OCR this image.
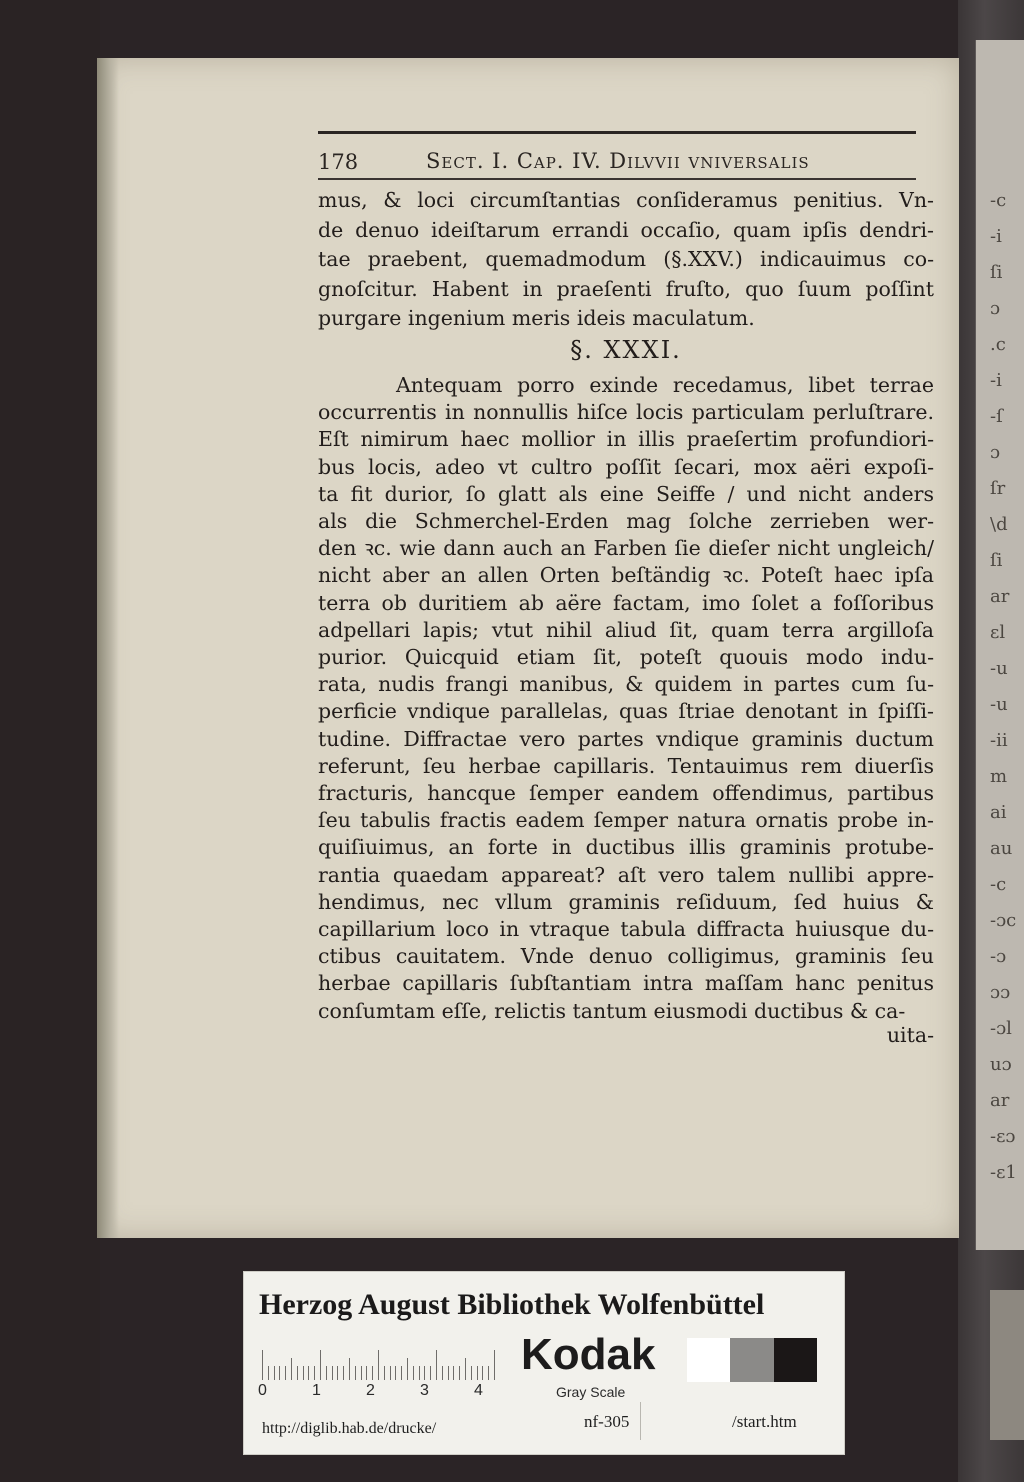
-c
-i
ſi
ɔ
.c
-i
-ſ
ɔ
ſr
\d
ſi
ar
ɛl
-u
-u
-ii
m
ai
au
-c
-ɔc
-ɔ
ɔɔ
-ɔl
uɔ
ar
-ɛɔ
-ɛ1
178	Sect. I. Cap. IV. Dilvvii vniversalis
mus, & loci circumſtantias conſideramus penitius. Vn-
de denuo ideiſtarum errandi occaſio, quam ipſis dendri-
tae praebent, quemadmodum (§.XXV.) indicauimus co-
gnoſcitur. Habent in praeſenti fruſto, quo ſuum poſſint
purgare ingenium meris ideis maculatum.
§. XXXI.
Antequam porro exinde recedamus, libet terrae
occurrentis in nonnullis hiſce locis particulam perluſtrare.
Eſt nimirum haec mollior in illis praeſertim profundiori-
bus locis, adeo vt cultro poſſit ſecari, mox aëri expoſi-
ta fit durior, ſo glatt als eine Seiffe / und nicht anders
als die Schmerchel-Erden mag ſolche zerrieben wer-
den ꝛc. wie dann auch an Farben ſie dieſer nicht ungleich/
nicht aber an allen Orten beſtändig ꝛc. Poteſt haec ipſa
terra ob duritiem ab aëre factam, imo ſolet a foſſoribus
adpellari lapis; vtut nihil aliud ſit, quam terra argilloſa
purior. Quicquid etiam ſit, poteſt quouis modo indu-
rata, nudis frangi manibus, & quidem in partes cum ſu-
perficie vndique parallelas, quas ſtriae denotant in ſpiſſi-
tudine. Diffractae vero partes vndique graminis ductum
referunt, ſeu herbae capillaris. Tentauimus rem diuerſis
fracturis, hancque ſemper eandem offendimus, partibus
ſeu tabulis fractis eadem ſemper natura ornatis probe in-
quiſiuimus, an forte in ductibus illis graminis protube-
rantia quaedam appareat? aſt vero talem nullibi appre-
hendimus, nec vllum graminis reſiduum, ſed huius &
capillarium loco in vtraque tabula diffracta huiusque du-
ctibus cauitatem. Vnde denuo colligimus, graminis ſeu
herbae capillaris ſubſtantiam intra maſſam hanc penitus
conſumtam eſſe, relictis tantum eiusmodi ductibus & ca-
uita-
Herzog August Bibliothek Wolfenbüttel
0	1	2	3	4
Kodak
Gray Scale
http://diglib.hab.de/drucke/	nf-305	/start.htm
